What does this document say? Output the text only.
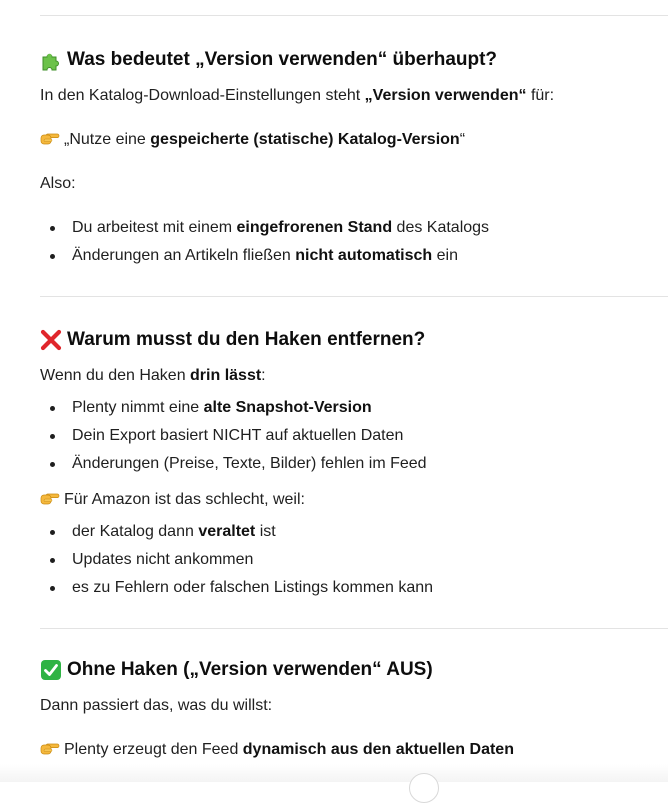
Was bedeutet „Version verwenden“ überhaupt?

In den Katalog-Download-Einstellungen steht „Version verwenden“ für:

„Nutze eine gespeicherte (statische) Katalog-Version“

Also:

Du arbeitest mit einem eingefrorenen Stand des Katalogs
Änderungen an Artikeln fließen nicht automatisch ein
Warum musst du den Haken entfernen?

Wenn du den Haken drin lässt:

Plenty nimmt eine alte Snapshot-Version
Dein Export basiert NICHT auf aktuellen Daten
Änderungen (Preise, Texte, Bilder) fehlen im Feed

Für Amazon ist das schlecht, weil:

der Katalog dann veraltet ist
Updates nicht ankommen
es zu Fehlern oder falschen Listings kommen kann
Ohne Haken („Version verwenden“ AUS)

Dann passiert das, was du willst:

Plenty erzeugt den Feed dynamisch aus den aktuellen Daten
